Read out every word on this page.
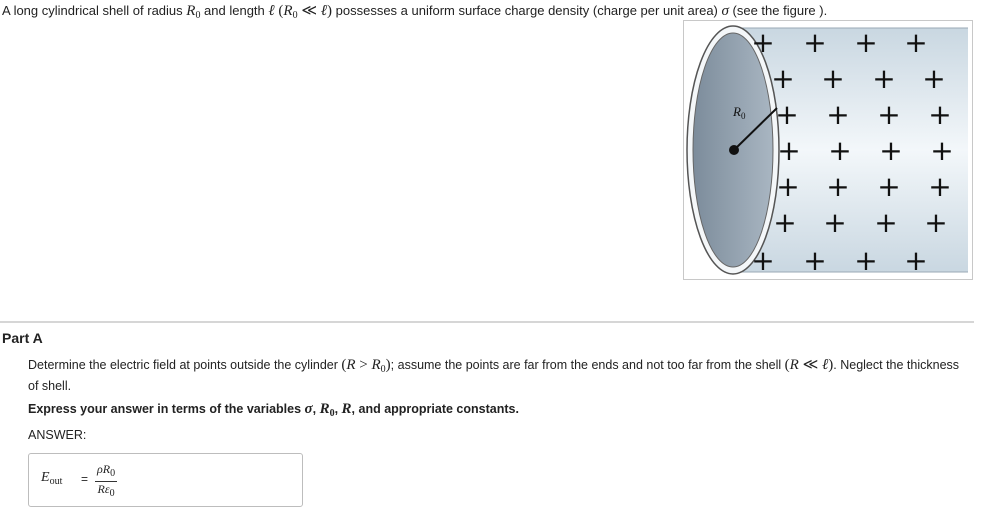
A long cylindrical shell of radius $R_0$ and length ℓ ($R_0$ ≪ ℓ) possesses a uniform surface charge density (charge per unit area) σ (see the figure ).
$R_0$
+ + + +
+ + + +
+ + + +
+ + + +
+ + + +
+ + + +
+ + + +
Part A
Determine the electric field at points outside the cylinder $(R > R_0)$; assume the points are far from the ends and not too far from the shell (R ≪ ℓ). Neglect the thickness of shell.
Express your answer in terms of the variables σ, $R_0$, R, and appropriate constants.
ANSWER:
$E_{out} = \frac{\rho R_0}{R\varepsilon_0}$
